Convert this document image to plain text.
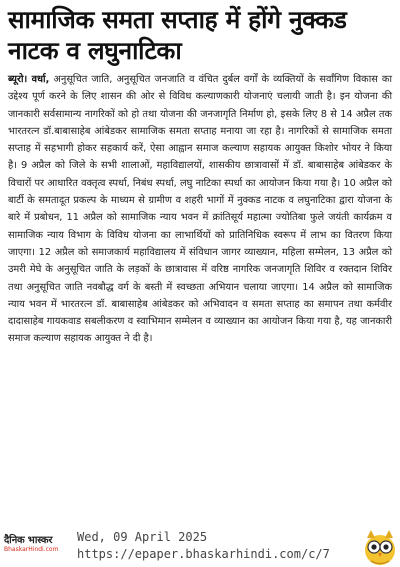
सामाजिक समता सप्ताह में होंगे नुक्कड नाटक व लघुनाटिका
ब्यूरो। वर्धा, अनुसूचित जाति, अनुसूचित जनजाति व वंचित दुर्बल वर्गों के व्यक्तियों के सर्वांगिण विकास का उद्देश्य पूर्ण करने के लिए शासन की ओर से विविध कल्याणकारी योजनाएं चलायी जाती है। इन योजना की जानकारी सर्वसामान्य नागरिकों को हो तथा योजना की जनजागृति निर्माण हो, इसके लिए 8 से 14 अप्रैल तक भारतरत्न डॉ.बाबासाहेब आंबेडकर सामाजिक समता सप्ताह मनाया जा रहा है। नागरिकों से सामाजिक समता सप्ताह में सहभागी होकर सहकार्य करें, ऐसा आह्वान समाज कल्याण सहायक आयुक्त किशोर भोयर ने किया है। 9 अप्रैल को जिले के सभी शालाओं, महाविद्यालयों, शासकीय छात्रावासों में डॉ. बाबासाहेब आंबेडकर के विचारों पर आधारित वक्तृत्व स्पर्धा, निबंध स्पर्धा, लघु नाटिका स्पर्धा का आयोजन किया गया है। 10 अप्रैल को बार्टी के समतादूत प्रकल्प के माध्यम से ग्रामीण व शहरी भागों में नुक्कड नाटक व लघुनाटिका द्वारा योजना के बारे में प्रबोधन, 11 अप्रैल को सामाजिक न्याय भवन में क्रांतिसूर्य महात्मा ज्योतिबा फुले जयंती कार्यक्रम व सामाजिक न्याय विभाग के विविध योजना का लाभार्थियों को प्रातिनिधिक स्वरूप में लाभ का वितरण किया जाएगा। 12 अप्रैल को समाजकार्य महाविद्यालय में संविधान जागर व्याख्यान, महिला सम्मेलन, 13 अप्रैल को उमरी मेघे के अनुसूचित जाति के लड़कों के छात्रावास में वरिष्ठ नागरिक जनजागृति शिविर व रक्तदान शिविर तथा अनुसूचित जाति नवबौद्ध वर्ग के बस्ती में स्वच्छता अभियान चलाया जाएगा। 14 अप्रैल को सामाजिक न्याय भवन में भारतरत्न डॉ. बाबासाहेब आंबेडकर को अभिवादन व समता सप्ताह का समापन तथा कर्मवीर दादासाहेब गायकवाड सबलीकरण व स्वाभिमान सम्मेलन व व्याख्यान का आयोजन किया गया है, यह जानकारी समाज कल्याण सहायक आयुक्त ने दी है।
दैनिक भास्कर
BhaskarHindi.com
Wed, 09 April 2025
https://epaper.bhaskarhindi.com/c/7
